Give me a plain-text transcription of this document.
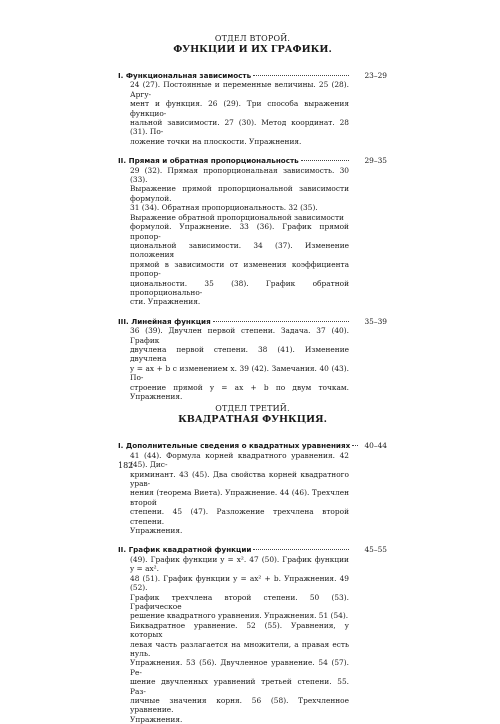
ОТДЕЛ ВТОРОЙ.
ФУНКЦИИ И ИХ ГРАФИКИ.
I. Функциональная зависимость	23–29
24 (27). Постоянные и переменные величины. 25 (28). Аргу-
мент и функция. 26 (29). Три способа выражения функцио-
нальной зависимости. 27 (30). Метод координат. 28 (31). По-
ложение точки на плоскости. Упражнения.
II. Прямая и обратная пропорциональность	29–35
29 (32). Прямая пропорциональная зависимость. 30 (33).
Выражение прямой пропорциональной зависимости формулой.
31 (34). Обратная пропорциональность. 32 (35).
Выражение обратной пропорциональной зависимости
формулой. Упражнение. 33 (36). График прямой пропор-
циональной зависимости. 34 (37). Изменение положения
прямой в зависимости от изменения коэффициента пропор-
циональности. 35 (38). График обратной пропорционально-
сти. Упражнения.
III. Линейная функция	35–39
36 (39). Двучлен первой степени. Задача. 37 (40). График
двучлена первой степени. 38 (41). Изменение двучлена
y = ax + b с изменением x. 39 (42). Замечания. 40 (43). По-
строение прямой y = ax + b по двум точкам. Упражнения.
ОТДЕЛ ТРЕТИЙ.
КВАДРАТНАЯ ФУНКЦИЯ.
I. Дополнительные сведения о квадратных уравнениях	40–44
41 (44). Формула корней квадратного уравнения. 42 (45). Дис-
криминант. 43 (45). Два свойства корней квадратного урав-
нения (теорема Виета). Упражнение. 44 (46). Трехчлен второй
степени. 45 (47). Разложение трехчлена второй степени.
Упражнения.
II. График квадратной функции	45–55
(49). График функции y = x². 47 (50). График функции y = ax².
48 (51). График функции y = ax² + b. Упражнения. 49 (52).
График трехчлена второй степени. 50 (53). Графическое
решение квадратного уравнения. Упражнения. 51 (54).
Биквадратное уравнение. 52 (55). Уравнения, у которых
левая часть разлагается на множители, а правая есть нуль.
Упражнения. 53 (56). Двучленное уравнение. 54 (57). Ре-
шение двучленных уравнений третьей степени. 55. Раз-
личные значения корня. 56 (58). Трехчленное уравнение.
Упражнения.
182
